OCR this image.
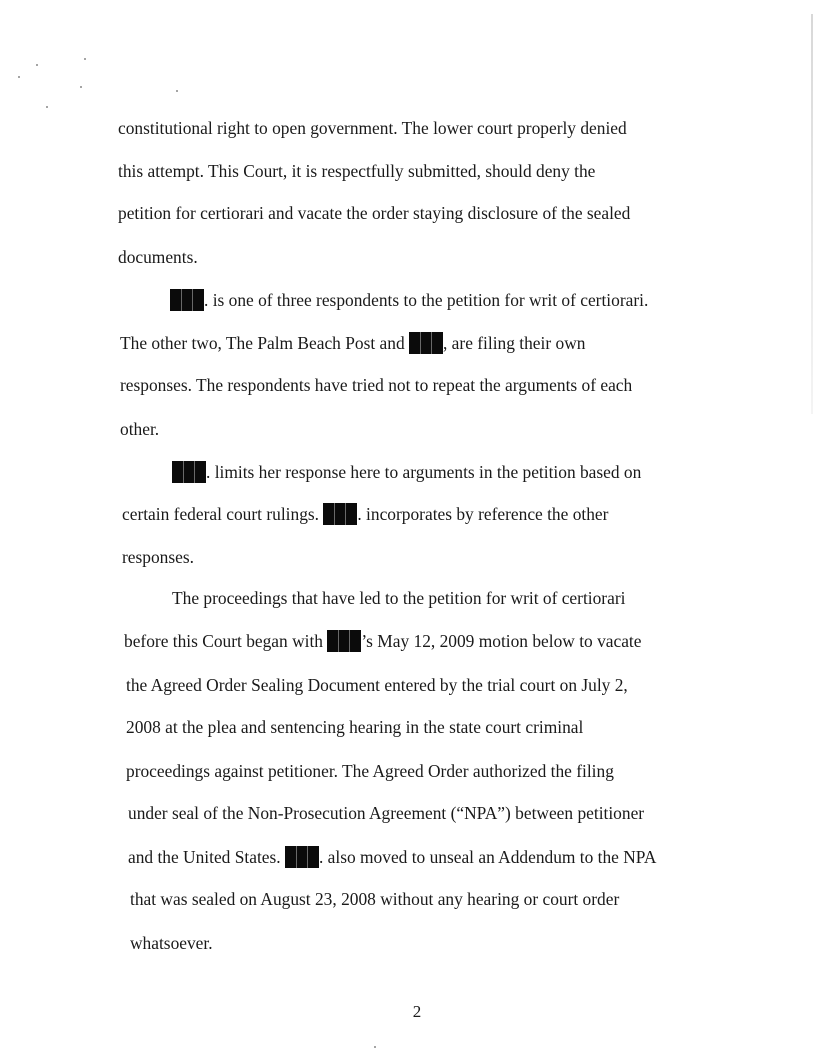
constitutional right to open government. The lower court properly denied
this attempt. This Court, it is respectfully submitted, should deny the
petition for certiorari and vacate the order staying disclosure of the sealed
documents.
. is one of three respondents to the petition for writ of certiorari.
The other two, The Palm Beach Post and , are filing their own
responses. The respondents have tried not to repeat the arguments of each
other.
. limits her response here to arguments in the petition based on
certain federal court rulings. . incorporates by reference the other
responses.
The proceedings that have led to the petition for writ of certiorari
before this Court began with ’s May 12, 2009 motion below to vacate
the Agreed Order Sealing Document entered by the trial court on July 2,
2008 at the plea and sentencing hearing in the state court criminal
proceedings against petitioner. The Agreed Order authorized the filing
under seal of the Non-Prosecution Agreement (“NPA”) between petitioner
and the United States. . also moved to unseal an Addendum to the NPA
that was sealed on August 23, 2008 without any hearing or court order
whatsoever.
2
